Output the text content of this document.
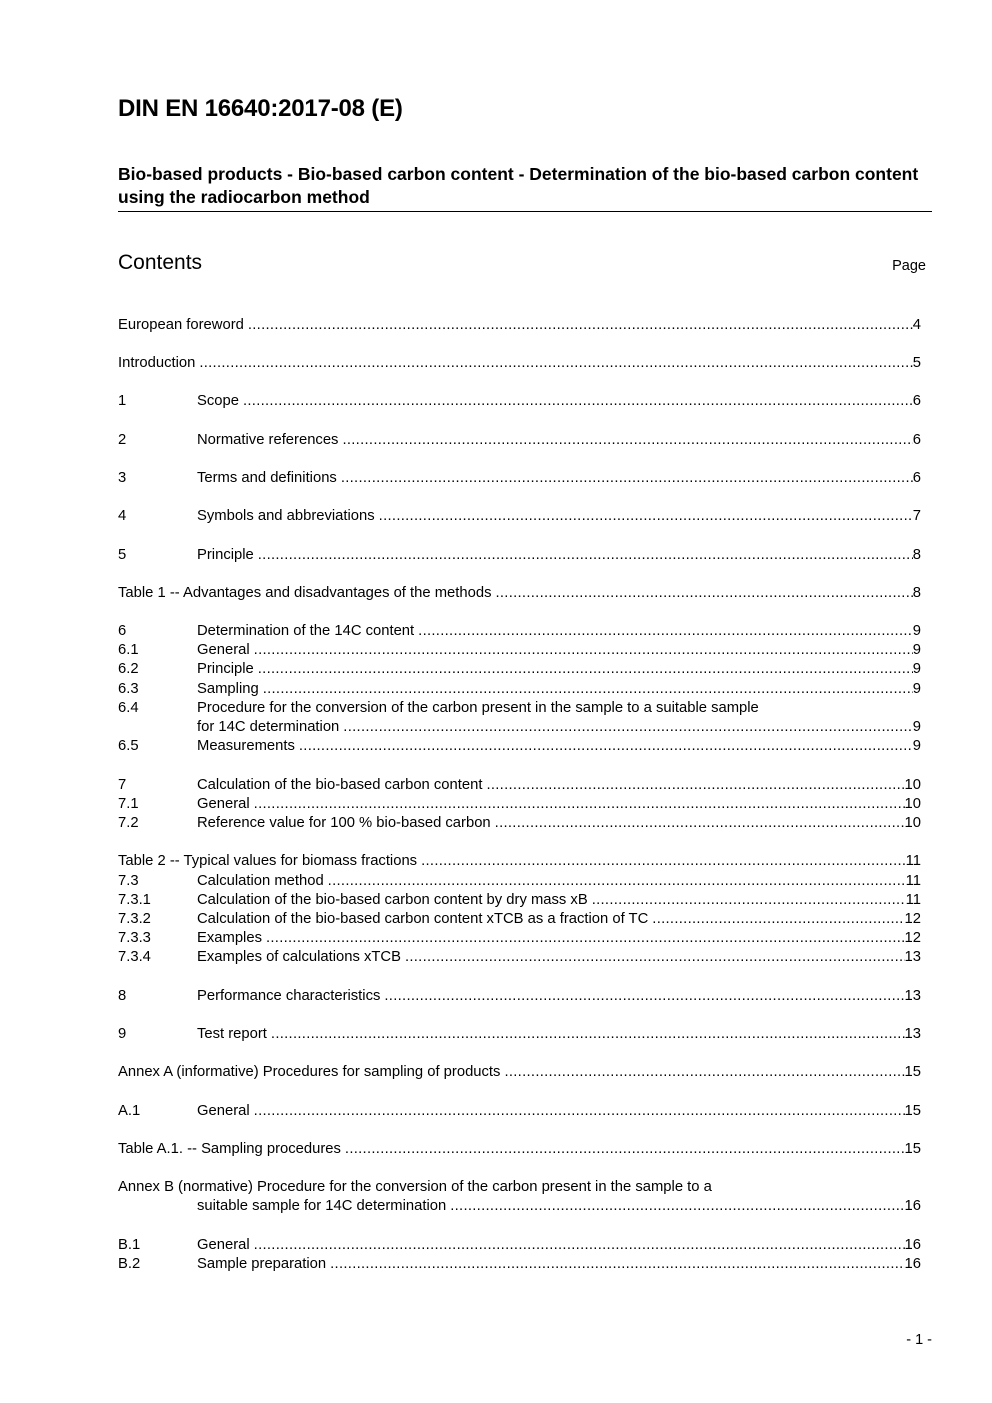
DIN EN 16640:2017-08 (E)
Bio-based products - Bio-based carbon content - Determination of the bio-based carbon content using the radiocarbon method
Contents	Page
European foreword .....	4
Introduction .....	5
1	Scope .....	6
2	Normative references .....	6
3	Terms and definitions .....	6
4	Symbols and abbreviations .....	7
5	Principle .....	8
Table 1 -- Advantages and disadvantages of the methods .....	8
6	Determination of the 14C content .....	9
6.1	General .....	9
6.2	Principle .....	9
6.3	Sampling .....	9
6.4	Procedure for the conversion of the carbon present in the sample to a suitable sample
for 14C determination .....	9
6.5	Measurements .....	9
7	Calculation of the bio-based carbon content .....	10
7.1	General .....	10
7.2	Reference value for 100 % bio-based carbon .....	10
Table 2 -- Typical values for biomass fractions .....	11
7.3	Calculation method .....	11
7.3.1	Calculation of the bio-based carbon content by dry mass xB .....	11
7.3.2	Calculation of the bio-based carbon content xTCB as a fraction of TC .....	12
7.3.3	Examples .....	12
7.3.4	Examples of calculations xTCB .....	13
8	Performance characteristics .....	13
9	Test report .....	13
Annex A (informative) Procedures for sampling of products .....	15
A.1	General .....	15
Table A.1. -- Sampling procedures .....	15
Annex B (normative) Procedure for the conversion of the carbon present in the sample to a
suitable sample for 14C determination .....	16
B.1	General .....	16
B.2	Sample preparation .....	16
- 1 -
